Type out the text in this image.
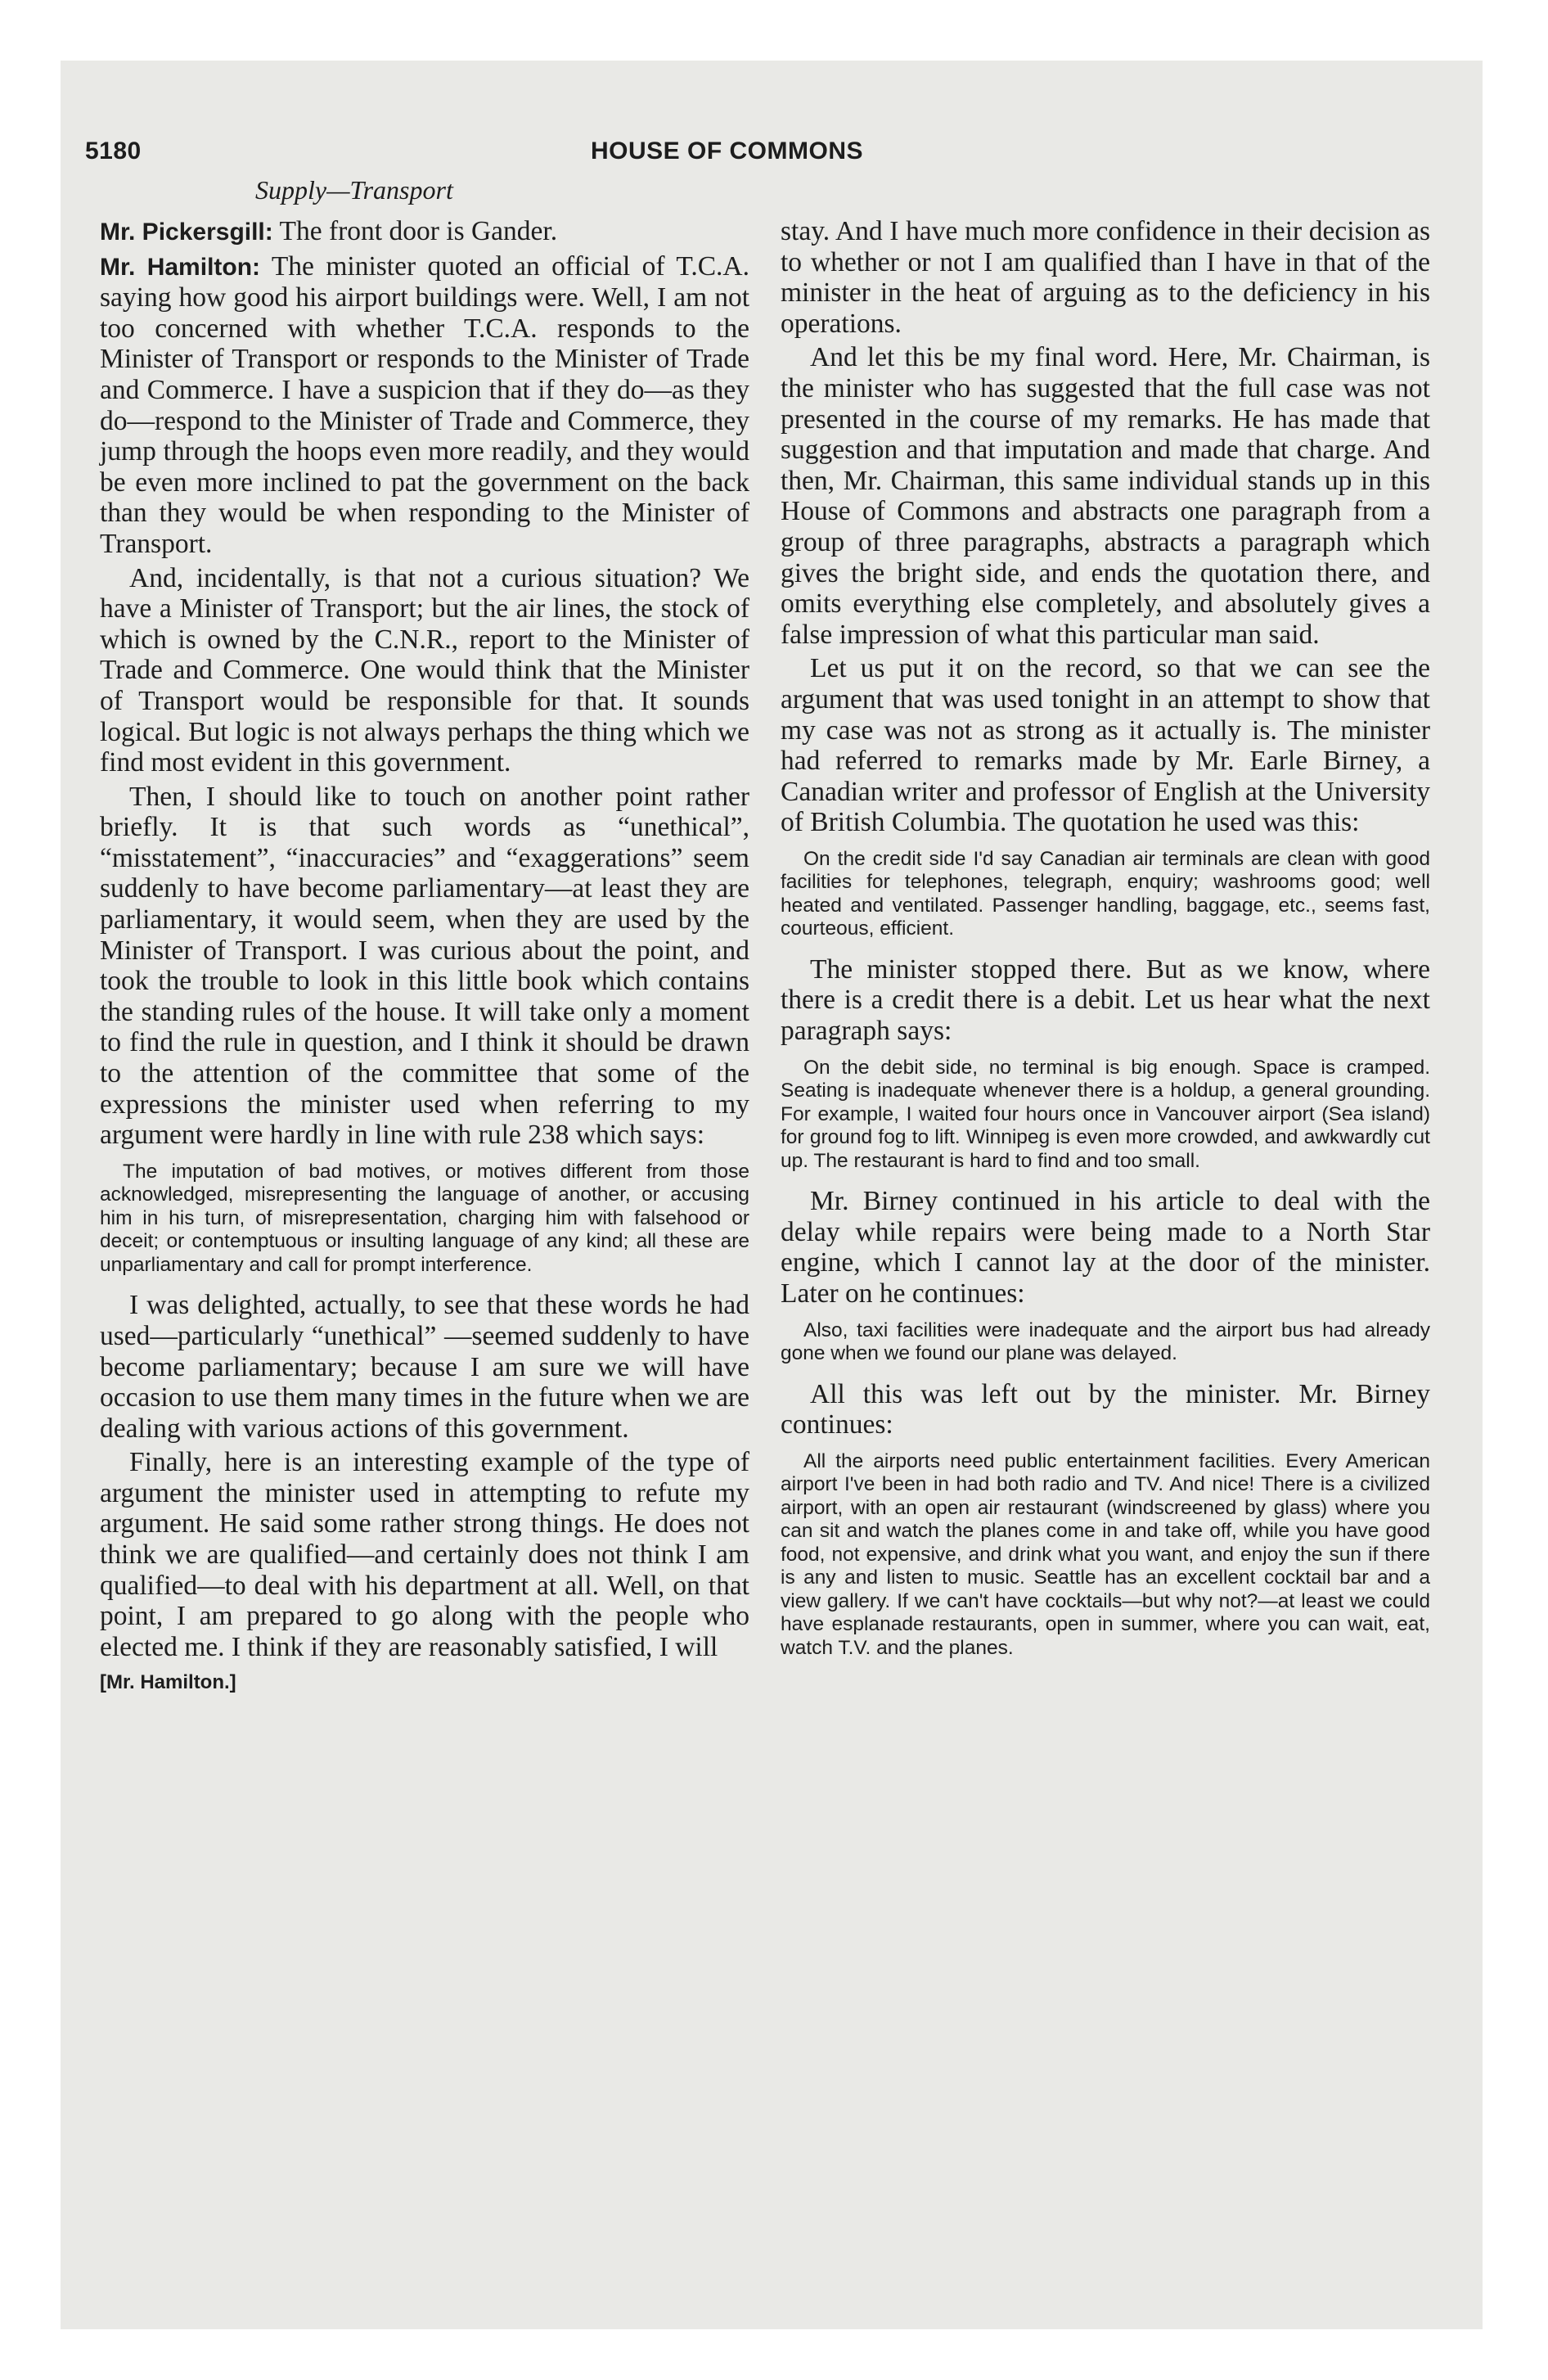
5180	HOUSE OF COMMONS
Supply—Transport

Mr. Pickersgill: The front door is Gander.

Mr. Hamilton: The minister quoted an official of T.C.A. saying how good his airport buildings were. Well, I am not too concerned with whether T.C.A. responds to the Minister of Transport or responds to the Minister of Trade and Commerce. I have a suspicion that if they do—as they do—respond to the Minister of Trade and Commerce, they jump through the hoops even more readily, and they would be even more inclined to pat the government on the back than they would be when responding to the Minister of Transport.

And, incidentally, is that not a curious situation? We have a Minister of Transport; but the air lines, the stock of which is owned by the C.N.R., report to the Minister of Trade and Commerce. One would think that the Minister of Transport would be responsible for that. It sounds logical. But logic is not always perhaps the thing which we find most evident in this government.

Then, I should like to touch on another point rather briefly. It is that such words as “unethical”, “misstatement”, “inaccuracies” and “exaggerations” seem suddenly to have become parliamentary—at least they are parliamentary, it would seem, when they are used by the Minister of Transport. I was curious about the point, and took the trouble to look in this little book which contains the standing rules of the house. It will take only a moment to find the rule in question, and I think it should be drawn to the attention of the committee that some of the expressions the minister used when referring to my argument were hardly in line with rule 238 which says:

The imputation of bad motives, or motives different from those acknowledged, misrepresenting the language of another, or accusing him in his turn, of misrepresentation, charging him with falsehood or deceit; or contemptuous or insulting language of any kind; all these are unparliamentary and call for prompt interference.

I was delighted, actually, to see that these words he had used—particularly “unethical” —seemed suddenly to have become parliamentary; because I am sure we will have occasion to use them many times in the future when we are dealing with various actions of this government.

Finally, here is an interesting example of the type of argument the minister used in attempting to refute my argument. He said some rather strong things. He does not think we are qualified—and certainly does not think I am qualified—to deal with his department at all. Well, on that point, I am prepared to go along with the people who elected me. I think if they are reasonably satisfied, I will

[Mr. Hamilton.]

stay. And I have much more confidence in their decision as to whether or not I am qualified than I have in that of the minister in the heat of arguing as to the deficiency in his operations.

And let this be my final word. Here, Mr. Chairman, is the minister who has suggested that the full case was not presented in the course of my remarks. He has made that suggestion and that imputation and made that charge. And then, Mr. Chairman, this same individual stands up in this House of Commons and abstracts one paragraph from a group of three paragraphs, abstracts a paragraph which gives the bright side, and ends the quotation there, and omits everything else completely, and absolutely gives a false impression of what this particular man said.

Let us put it on the record, so that we can see the argument that was used tonight in an attempt to show that my case was not as strong as it actually is. The minister had referred to remarks made by Mr. Earle Birney, a Canadian writer and professor of English at the University of British Columbia. The quotation he used was this:

On the credit side I'd say Canadian air terminals are clean with good facilities for telephones, telegraph, enquiry; washrooms good; well heated and ventilated. Passenger handling, baggage, etc., seems fast, courteous, efficient.

The minister stopped there. But as we know, where there is a credit there is a debit. Let us hear what the next paragraph says:

On the debit side, no terminal is big enough. Space is cramped. Seating is inadequate whenever there is a holdup, a general grounding. For example, I waited four hours once in Vancouver airport (Sea island) for ground fog to lift. Winnipeg is even more crowded, and awkwardly cut up. The restaurant is hard to find and too small.

Mr. Birney continued in his article to deal with the delay while repairs were being made to a North Star engine, which I cannot lay at the door of the minister. Later on he continues:

Also, taxi facilities were inadequate and the airport bus had already gone when we found our plane was delayed.

All this was left out by the minister. Mr. Birney continues:

All the airports need public entertainment facilities. Every American airport I've been in had both radio and TV. And nice! There is a civilized airport, with an open air restaurant (windscreened by glass) where you can sit and watch the planes come in and take off, while you have good food, not expensive, and drink what you want, and enjoy the sun if there is any and listen to music. Seattle has an excellent cocktail bar and a view gallery. If we can't have cocktails—but why not?—at least we could have esplanade restaurants, open in summer, where you can wait, eat, watch T.V. and the planes.
